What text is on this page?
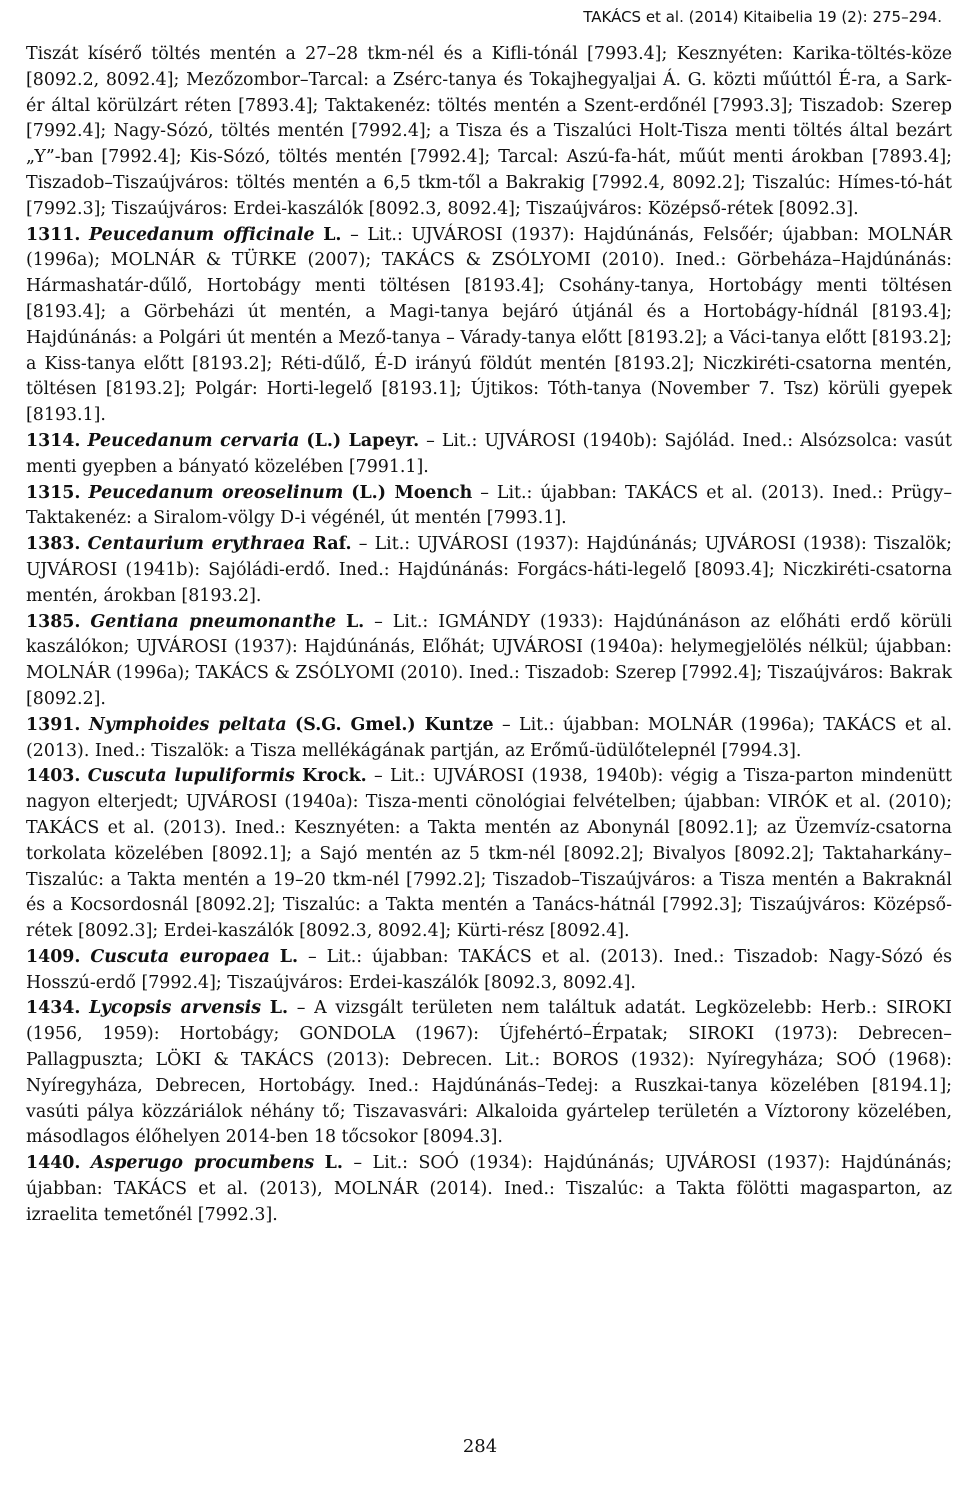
TAKÁCS et al. (2014) Kitaibelia 19 (2): 275–294.

Tiszát kísérő töltés mentén a 27–28 tkm-nél és a Kifli-tónál [7993.4]; Kesznyéten: Karika-töltés-köze [8092.2, 8092.4]; Mezőzombor–Tarcal: a Zsérc-tanya és Tokajhegyaljai Á. G. közti műúttól É-ra, a Sark-ér által körülzárt réten [7893.4]; Taktakenéz: töltés mentén a Szent-erdőnél [7993.3]; Tiszadob: Szerep [7992.4]; Nagy-Sózó, töltés mentén [7992.4]; a Tisza és a Tiszalúci Holt-Tisza menti töltés által bezárt „Y”-ban [7992.4]; Kis-Sózó, töltés mentén [7992.4]; Tarcal: Aszú-fa-hát, műút menti árokban [7893.4]; Tiszadob–Tiszaújváros: töltés mentén a 6,5 tkm-től a Bakrakig [7992.4, 8092.2]; Tiszalúc: Hímes-tó-hát [7992.3]; Tiszaújváros: Erdei-kaszálók [8092.3, 8092.4]; Tiszaújváros: Középső-rétek [8092.3].

1311. Peucedanum officinale L. – Lit.: UJVÁROSI (1937): Hajdúnánás, Felsőér; újabban: MOLNÁR (1996a); MOLNÁR & TÜRKE (2007); TAKÁCS & ZSÓLYOMI (2010). Ined.: Görbeháza–Hajdúnánás: Hármashatár-dűlő, Hortobágy menti töltésen [8193.4]; Csohány-tanya, Hortobágy menti töltésen [8193.4]; a Görbeházi út mentén, a Magi-tanya bejáró útjánál és a Hortobágy-hídnál [8193.4]; Hajdúnánás: a Polgári út mentén a Mező-tanya – Várady-tanya előtt [8193.2]; a Váci-tanya előtt [8193.2]; a Kiss-tanya előtt [8193.2]; Réti-dűlő, É-D irányú földút mentén [8193.2]; Niczkiréti-csatorna mentén, töltésen [8193.2]; Polgár: Horti-legelő [8193.1]; Újtikos: Tóth-tanya (November 7. Tsz) körüli gyepek [8193.1].

1314. Peucedanum cervaria (L.) Lapeyr. – Lit.: UJVÁROSI (1940b): Sajólád. Ined.: Alsózsolca: vasút menti gyepben a bányató közelében [7991.1].

1315. Peucedanum oreoselinum (L.) Moench – Lit.: újabban: TAKÁCS et al. (2013). Ined.: Prügy–Taktakenéz: a Siralom-völgy D-i végénél, út mentén [7993.1].

1383. Centaurium erythraea Raf. – Lit.: UJVÁROSI (1937): Hajdúnánás; UJVÁROSI (1938): Tiszalök; UJVÁROSI (1941b): Sajóládi-erdő. Ined.: Hajdúnánás: Forgács-háti-legelő [8093.4]; Niczkiréti-csatorna mentén, árokban [8193.2].

1385. Gentiana pneumonanthe L. – Lit.: IGMÁNDY (1933): Hajdúnánáson az előháti erdő körüli kaszálókon; UJVÁROSI (1937): Hajdúnánás, Előhát; UJVÁROSI (1940a): helymegjelölés nélkül; újabban: MOLNÁR (1996a); TAKÁCS & ZSÓLYOMI (2010). Ined.: Tiszadob: Szerep [7992.4]; Tiszaújváros: Bakrak [8092.2].

1391. Nymphoides peltata (S.G. Gmel.) Kuntze – Lit.: újabban: MOLNÁR (1996a); TAKÁCS et al. (2013). Ined.: Tiszalök: a Tisza mellékágának partján, az Erőmű-üdülőtelepnél [7994.3].

1403. Cuscuta lupuliformis Krock. – Lit.: UJVÁROSI (1938, 1940b): végig a Tisza-parton mindenütt nagyon elterjedt; UJVÁROSI (1940a): Tisza-menti cönológiai felvételben; újabban: VIRÓK et al. (2010); TAKÁCS et al. (2013). Ined.: Kesznyéten: a Takta mentén az Abonynál [8092.1]; az Üzemvíz-csatorna torkolata közelében [8092.1]; a Sajó mentén az 5 tkm-nél [8092.2]; Bivalyos [8092.2]; Taktaharkány–Tiszalúc: a Takta mentén a 19–20 tkm-nél [7992.2]; Tiszadob–Tiszaújváros: a Tisza mentén a Bakraknál és a Kocsordosnál [8092.2]; Tiszalúc: a Takta mentén a Tanács-hátnál [7992.3]; Tiszaújváros: Középső-rétek [8092.3]; Erdei-kaszálók [8092.3, 8092.4]; Kürti-rész [8092.4].

1409. Cuscuta europaea L. – Lit.: újabban: TAKÁCS et al. (2013). Ined.: Tiszadob: Nagy-Sózó és Hosszú-erdő [7992.4]; Tiszaújváros: Erdei-kaszálók [8092.3, 8092.4].

1434. Lycopsis arvensis L. – A vizsgált területen nem találtuk adatát. Legközelebb: Herb.: SIROKI (1956, 1959): Hortobágy; GONDOLA (1967): Újfehértó–Érpatak; SIROKI (1973): Debrecen–Pallagpuszta; LÖKI & TAKÁCS (2013): Debrecen. Lit.: BOROS (1932): Nyíregyháza; SOÓ (1968): Nyíregyháza, Debrecen, Hortobágy. Ined.: Hajdúnánás–Tedej: a Ruszkai-tanya közelében [8194.1]; vasúti pálya közzáriálok néhány tő; Tiszavasvári: Alkaloida gyártelep területén a Víztorony közelében, másodlagos élőhelyen 2014-ben 18 tőcsokor [8094.3].

1440. Asperugo procumbens L. – Lit.: SOÓ (1934): Hajdúnánás; UJVÁROSI (1937): Hajdúnánás; újabban: TAKÁCS et al. (2013), MOLNÁR (2014). Ined.: Tiszalúc: a Takta fölötti magasparton, az izraelita temetőnél [7992.3].

284
